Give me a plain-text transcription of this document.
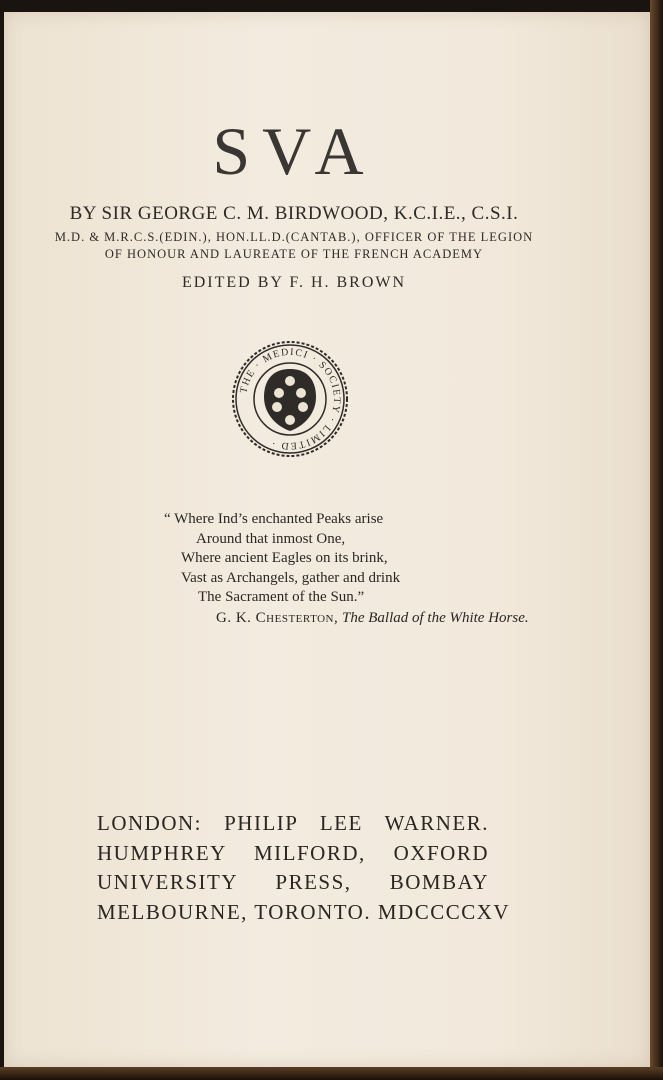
SVA
BY SIR GEORGE C. M. BIRDWOOD, K.C.I.E., C.S.I.
M.D. & M.R.C.S.(EDIN.), HON.LL.D.(CANTAB.), OFFICER OF THE LEGION
OF HONOUR AND LAUREATE OF THE FRENCH ACADEMY
EDITED BY F. H. BROWN
THE · MEDICI · SOCIETY · LIMITED ·
“ Where Ind’s enchanted Peaks arise
Around that inmost One,
Where ancient Eagles on its brink,
Vast as Archangels, gather and drink
The Sacrament of the Sun.”
G. K. Chesterton, The Ballad of the White Horse.
LONDON: PHILIP LEE WARNER.
HUMPHREY MILFORD, OXFORD
UNIVERSITY PRESS, BOMBAY
MELBOURNE, TORONTO. MDCCCCXV
